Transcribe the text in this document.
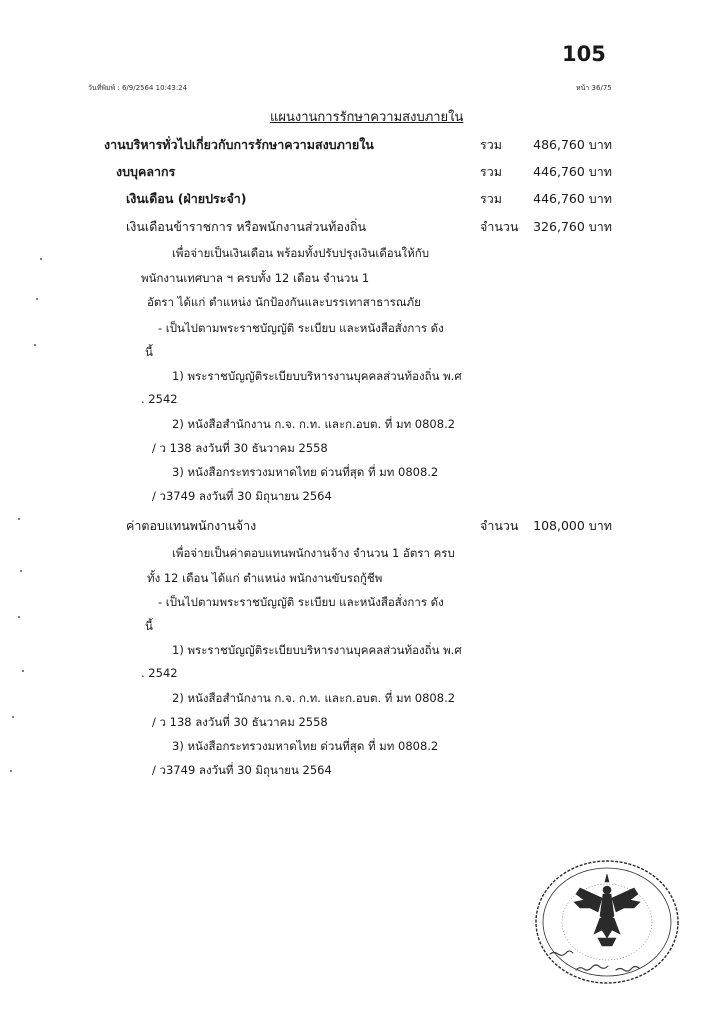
105
วันที่พิมพ์ : 6/9/2564 10:43:24	หน้า 36/75
แผนงานการรักษาความสงบภายใน
งานบริหารทั่วไปเกี่ยวกับการรักษาความสงบภายใน	รวม 486,760 บาท
งบบุคลากร	รวม 446,760 บาท
เงินเดือน (ฝ่ายประจำ)	รวม 446,760 บาท
เงินเดือนข้าราชการ หรือพนักงานส่วนท้องถิ่น	จำนวน 326,760 บาท
เพื่อจ่ายเป็นเงินเดือน พร้อมทั้งปรับปรุงเงินเดือนให้กับ
พนักงานเทศบาล ฯ ครบทั้ง 12 เดือน จำนวน 1
อัตรา ได้แก่ ตำแหน่ง นักป้องกันและบรรเทาสาธารณภัย
- เป็นไปตามพระราชบัญญัติ ระเบียบ และหนังสือสั่งการ ดัง
นี้
1) พระราชบัญญัติระเบียบบริหารงานบุคคลส่วนท้องถิ่น พ.ศ
. 2542
2) หนังสือสำนักงาน ก.จ. ก.ท. และก.อบต. ที่ มท 0808.2
/ ว 138 ลงวันที่ 30 ธันวาคม 2558
3) หนังสือกระทรวงมหาดไทย ด่วนที่สุด ที่ มท 0808.2
/ ว3749 ลงวันที่ 30 มิถุนายน 2564
ค่าตอบแทนพนักงานจ้าง	จำนวน 108,000 บาท
เพื่อจ่ายเป็นค่าตอบแทนพนักงานจ้าง จำนวน 1 อัตรา ครบ
ทั้ง 12 เดือน ได้แก่ ตำแหน่ง พนักงานขับรถกู้ชีพ
- เป็นไปตามพระราชบัญญัติ ระเบียบ และหนังสือสั่งการ ดัง
นี้
1) พระราชบัญญัติระเบียบบริหารงานบุคคลส่วนท้องถิ่น พ.ศ
. 2542
2) หนังสือสำนักงาน ก.จ. ก.ท. และก.อบต. ที่ มท 0808.2
/ ว 138 ลงวันที่ 30 ธันวาคม 2558
3) หนังสือกระทรวงมหาดไทย ด่วนที่สุด ที่ มท 0808.2
/ ว3749 ลงวันที่ 30 มิถุนายน 2564
